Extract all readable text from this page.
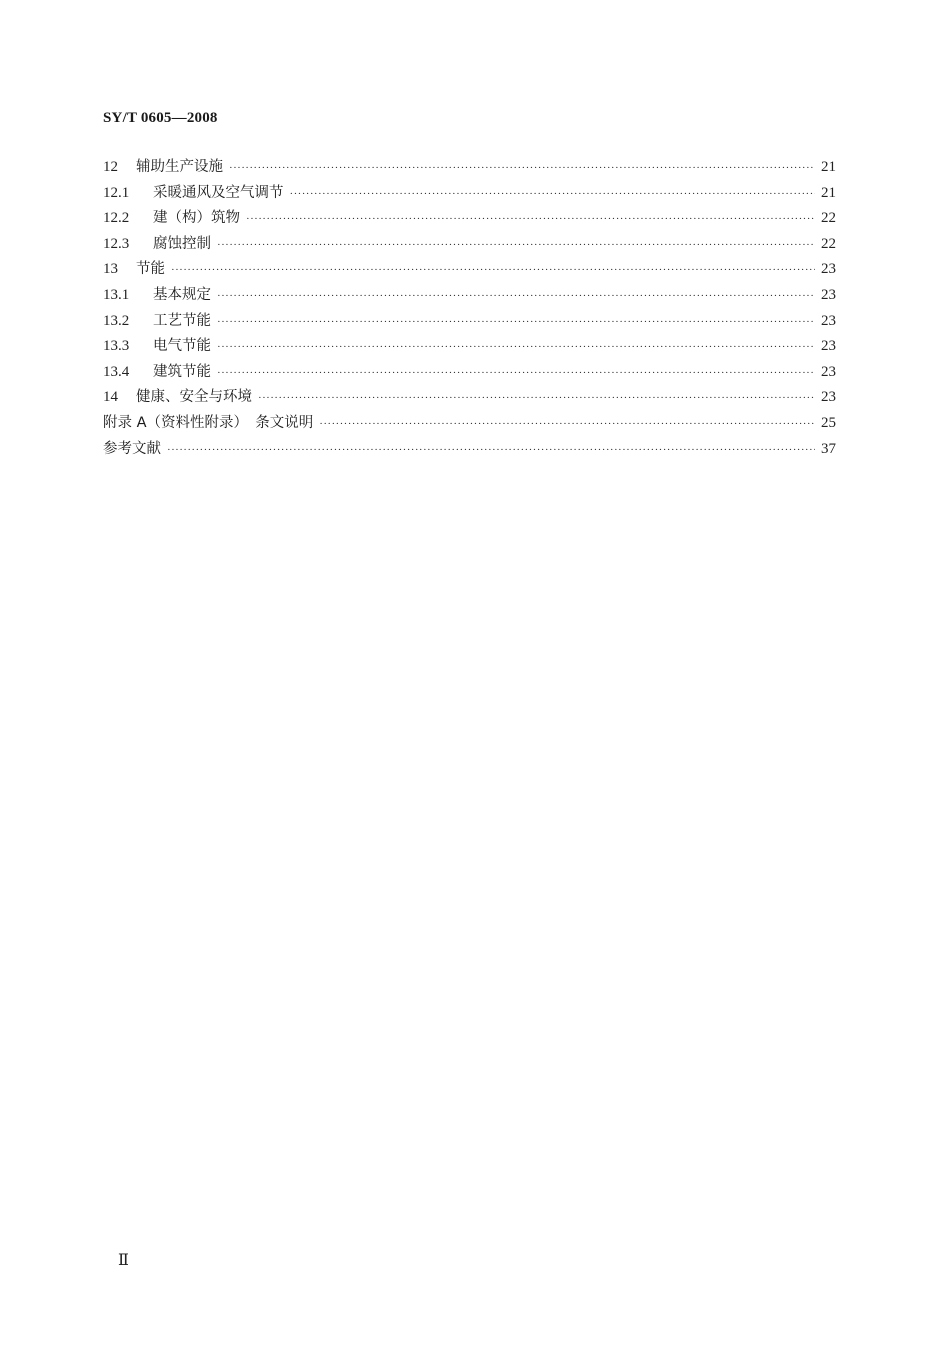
SY/T 0605—2008
12	辅助生产设施 ·····	21
12.1	采暖通风及空气调节 ·····	21
12.2	建（构）筑物 ·····	22
12.3	腐蚀控制 ·····	22
13	节能 ·····	23
13.1	基本规定 ·····	23
13.2	工艺节能 ·····	23
13.3	电气节能 ·····	23
13.4	建筑节能 ·····	23
14	健康、安全与环境 ·····	23
附录 A（资料性附录）　条文说明 ·····	25
参考文献 ·····	37
Ⅱ
